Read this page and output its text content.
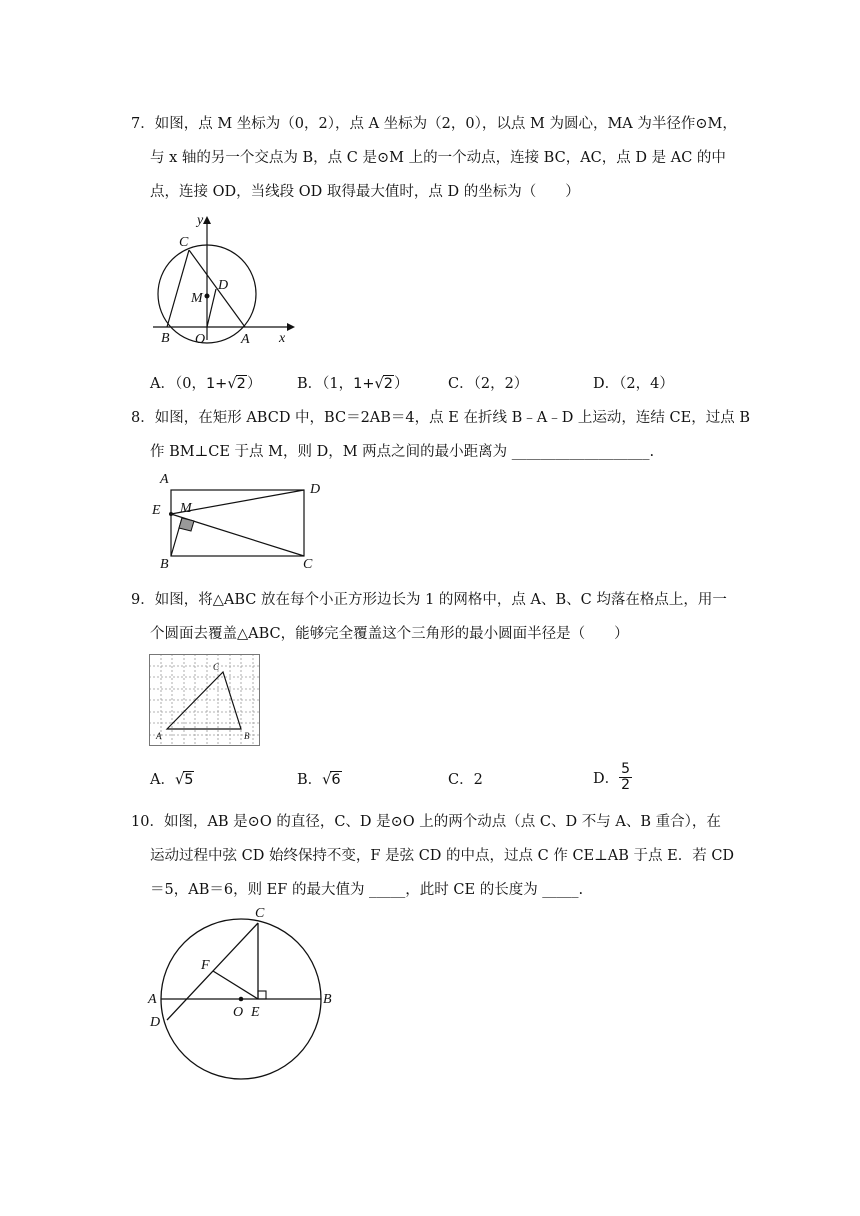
7．如图，点 M 坐标为（0，2），点 A 坐标为（2，0），以点 M 为圆心，MA 为半径作⊙M，
与 x 轴的另一个交点为 B，点 C 是⊙M 上的一个动点，连接 BC，AC，点 D 是 AC 的中
点，连接 OD，当线段 OD 取得最大值时，点 D 的坐标为（　　）
y
C
D
M
B O	A x
A．（0，1+√2） B．（1，1+√2）	C．（2，2）	D．（2，4）
8．如图，在矩形 ABCD 中，BC＝2AB＝4，点 E 在折线 B﹣A﹣D 上运动，连结 CE，过点 B
作 BM⊥CE 于点 M，则 D，M 两点之间的最小距离为 ___________________.
A
D
E M
B	C
9．如图，将△ABC 放在每个小正方形边长为 1 的网格中，点 A、B、C 均落在格点上，用一
个圆面去覆盖△ABC，能够完全覆盖这个三角形的最小圆面半径是（　　）
A	B
C
A．√5	B．√6	C．2	D． $\frac{5}{2}$
10．如图，AB 是⊙O 的直径，C、D 是⊙O 上的两个动点（点 C、D 不与 A、B 重合），在
运动过程中弦 CD 始终保持不变，F 是弦 CD 的中点，过点 C 作 CE⊥AB 于点 E．若 CD
＝5，AB＝6，则 EF 的最大值为 _____，此时 CE 的长度为 _____.
C
F
A	B
D
O E
